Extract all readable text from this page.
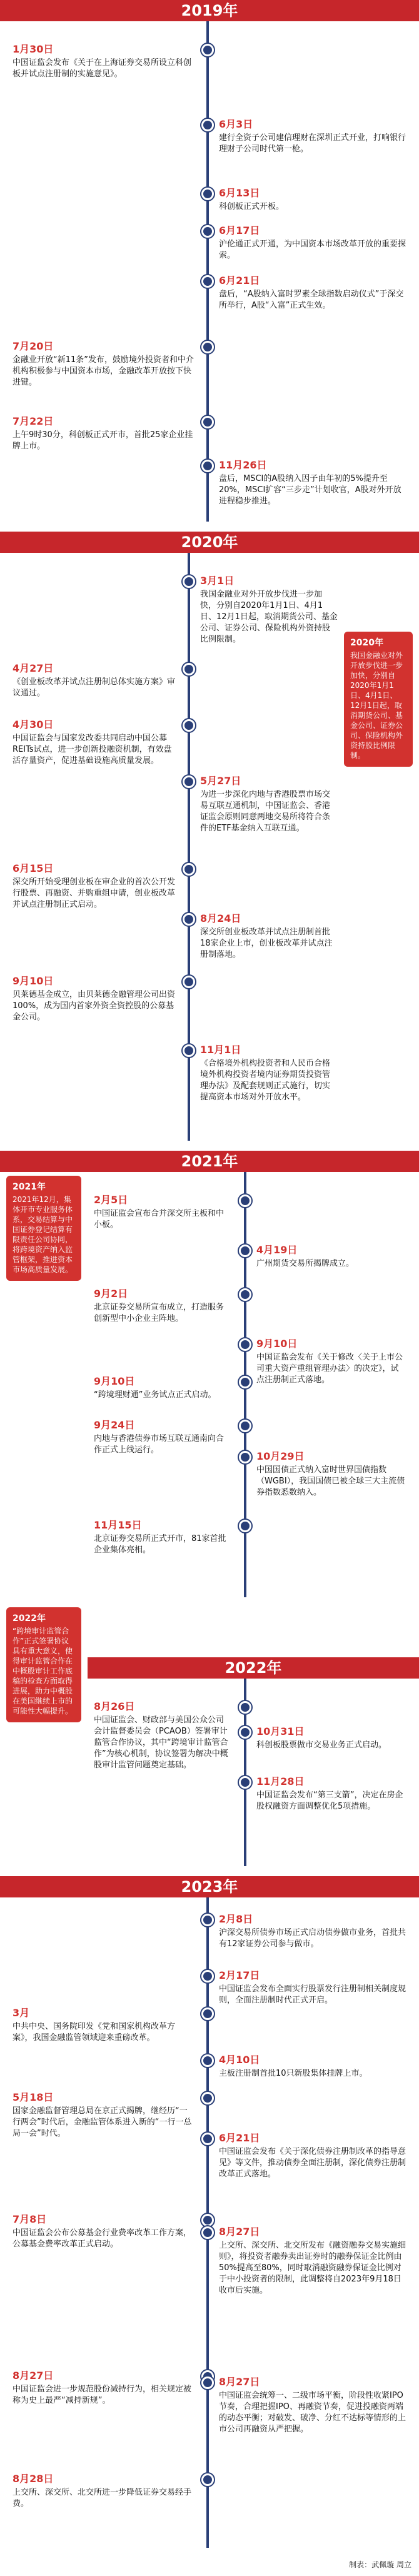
2019年
1月30日
中国证监会发布《关于在上海证券交易所设立科创板并试点注册制的实施意见》。
6月3日
建行全资子公司建信理财在深圳正式开业，打响银行理财子公司时代第一枪。
6月13日
科创板正式开板。
6月17日
沪伦通正式开通，为中国资本市场改革开放的重要探索。
6月21日
盘后，“A股纳入富时罗素全球指数启动仪式”于深交所举行，A股“入富”正式生效。
7月20日
金融业开放“新11条”发布，鼓励境外投资者和中介机构积极参与中国资本市场，金融改革开放按下快进键。
7月22日
上午9时30分，科创板正式开市，首批25家企业挂牌上市。
11月26日
盘后，MSCI的A股纳入因子由年初的5%提升至20%，MSCI扩容“三步走”计划收官，A股对外开放进程稳步推进。
2020年
2020年
我国金融业对外开放步伐进一步加快，分别自2020年1月1日、4月1日、12月1日起，取消期货公司、基金公司、证券公司、保险机构外资持股比例限制。
3月1日
我国金融业对外开放步伐进一步加快，分别自2020年1月1日、4月1日、12月1日起，取消期货公司、基金公司、证券公司、保险机构外资持股比例限制。
4月27日
《创业板改革并试点注册制总体实施方案》审议通过。
4月30日
中国证监会与国家发改委共同启动中国公募REITs试点，进一步创新投融资机制，有效盘活存量资产，促进基础设施高质量发展。
5月27日
为进一步深化内地与香港股票市场交易互联互通机制，中国证监会、香港证监会原则同意两地交易所将符合条件的ETF基金纳入互联互通。
6月15日
深交所开始受理创业板在审企业的首次公开发行股票、再融资、并购重组申请，创业板改革并试点注册制正式启动。
8月24日
深交所创业板改革并试点注册制首批18家企业上市，创业板改革并试点注册制落地。
9月10日
贝莱德基金成立，由贝莱德金融管理公司出资100%，成为国内首家外资全资控股的公募基金公司。
11月1日
《合格境外机构投资者和人民币合格境外机构投资者境内证券期货投资管理办法》及配套规则正式施行，切实提高资本市场对外开放水平。
2021年
2021年
2021年12月，集体开市专业服务体系，交易结算与中国证券登记结算有限责任公司协同，将跨境资产纳入监管框架，推进资本市场高质量发展。
2月5日
中国证监会宣布合并深交所主板和中小板。
4月19日
广州期货交易所揭牌成立。
9月2日
北京证券交易所宣布成立，打造服务创新型中小企业主阵地。
9月10日
中国证监会发布《关于修改〈关于上市公司重大资产重组管理办法〉的决定》，试点注册制正式落地。
9月10日
“跨境理财通”业务试点正式启动。
9月24日
内地与香港债券市场互联互通南向合作正式上线运行。
10月29日
中国国债正式纳入富时世界国债指数（WGBI），我国国债已被全球三大主流债券指数悉数纳入。
11月15日
北京证券交易所正式开市，81家首批企业集体亮相。
2022年
“跨境审计监管合作”正式签署协议具有重大意义，使得审计监管合作在中概股审计工作底稿的检查方面取得进展，助力中概股在美国继续上市的可能性大幅提升。
2022年
8月26日
中国证监会、财政部与美国公众公司会计监督委员会（PCAOB）签署审计监管合作协议，其中“跨境审计监管合作”为核心机制，协议签署为解决中概股审计监管问题奠定基础。
10月31日
科创板股票做市交易业务正式启动。
11月28日
中国证监会发布“第三支箭”，决定在房企股权融资方面调整优化5项措施。
2023年
2月8日
沪深交易所债券市场正式启动债券做市业务，首批共有12家证券公司参与做市。
2月17日
中国证监会发布全面实行股票发行注册制相关制度规则，全面注册制时代正式开启。
3月
中共中央、国务院印发《党和国家机构改革方案》，我国金融监管领域迎来重磅改革。
4月10日
主板注册制首批10只新股集体挂牌上市。
5月18日
国家金融监督管理总局在京正式揭牌，继经历“一行两会”时代后，金融监管体系进入新的“一行一总局一会”时代。	6月21日
中国证监会发布《关于深化债券注册制改革的指导意见》等文件，推动债券全面注册制，深化债券注册制改革正式落地。
7月8日
中国证监会公布公募基金行业费率改革工作方案，公募基金费率改革正式启动。
8月27日
上交所、深交所、北交所发布《融资融券交易实施细则》，将投资者融券卖出证券时的融券保证金比例由50%提高至80%，同时取消融资融券保证金比例对于中小投资者的限制，此调整将自2023年9月18日收市后实施。
8月27日
中国证监会进一步规范股份减持行为，相关规定被称为史上最严“减持新规”。
8月27日
中国证监会统筹一、二级市场平衡，阶段性收紧IPO节奏，合理把握IPO、再融资节奏，促进投融资两端的动态平衡；对破发、破净、分红不达标等情形的上市公司再融资从严把握。
8月28日
上交所、深交所、北交所进一步降低证券交易经手费。
制表：武佩璇 周立
